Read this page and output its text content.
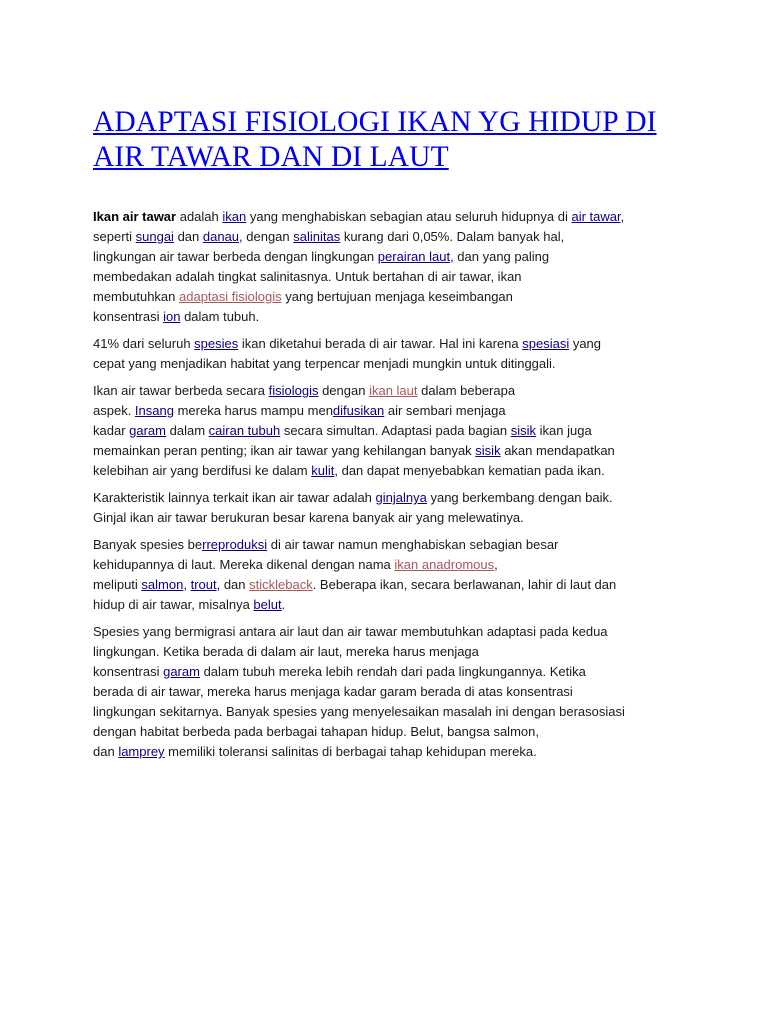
ADAPTASI FISIOLOGI IKAN YG HIDUP DI AIR TAWAR DAN DI LAUT

Ikan air tawar adalah ikan yang menghabiskan sebagian atau seluruh hidupnya di air tawar,
seperti sungai dan danau, dengan salinitas kurang dari 0,05%. Dalam banyak hal,
lingkungan air tawar berbeda dengan lingkungan perairan laut, dan yang paling
membedakan adalah tingkat salinitasnya. Untuk bertahan di air tawar, ikan
membutuhkan adaptasi fisiologis yang bertujuan menjaga keseimbangan
konsentrasi ion dalam tubuh.

41% dari seluruh spesies ikan diketahui berada di air tawar. Hal ini karena spesiasi yang
cepat yang menjadikan habitat yang terpencar menjadi mungkin untuk ditinggali.

Ikan air tawar berbeda secara fisiologis dengan ikan laut dalam beberapa
aspek. Insang mereka harus mampu mendifusikan air sembari menjaga
kadar garam dalam cairan tubuh secara simultan. Adaptasi pada bagian sisik ikan juga
memainkan peran penting; ikan air tawar yang kehilangan banyak sisik akan mendapatkan
kelebihan air yang berdifusi ke dalam kulit, dan dapat menyebabkan kematian pada ikan.

Karakteristik lainnya terkait ikan air tawar adalah ginjalnya yang berkembang dengan baik.
Ginjal ikan air tawar berukuran besar karena banyak air yang melewatinya.

Banyak spesies berreproduksi di air tawar namun menghabiskan sebagian besar
kehidupannya di laut. Mereka dikenal dengan nama ikan anadromous,
meliputi salmon, trout, dan stickleback. Beberapa ikan, secara berlawanan, lahir di laut dan
hidup di air tawar, misalnya belut.

Spesies yang bermigrasi antara air laut dan air tawar membutuhkan adaptasi pada kedua
lingkungan. Ketika berada di dalam air laut, mereka harus menjaga
konsentrasi garam dalam tubuh mereka lebih rendah dari pada lingkungannya. Ketika
berada di air tawar, mereka harus menjaga kadar garam berada di atas konsentrasi
lingkungan sekitarnya. Banyak spesies yang menyelesaikan masalah ini dengan berasosiasi
dengan habitat berbeda pada berbagai tahapan hidup. Belut, bangsa salmon,
dan lamprey memiliki toleransi salinitas di berbagai tahap kehidupan mereka.
